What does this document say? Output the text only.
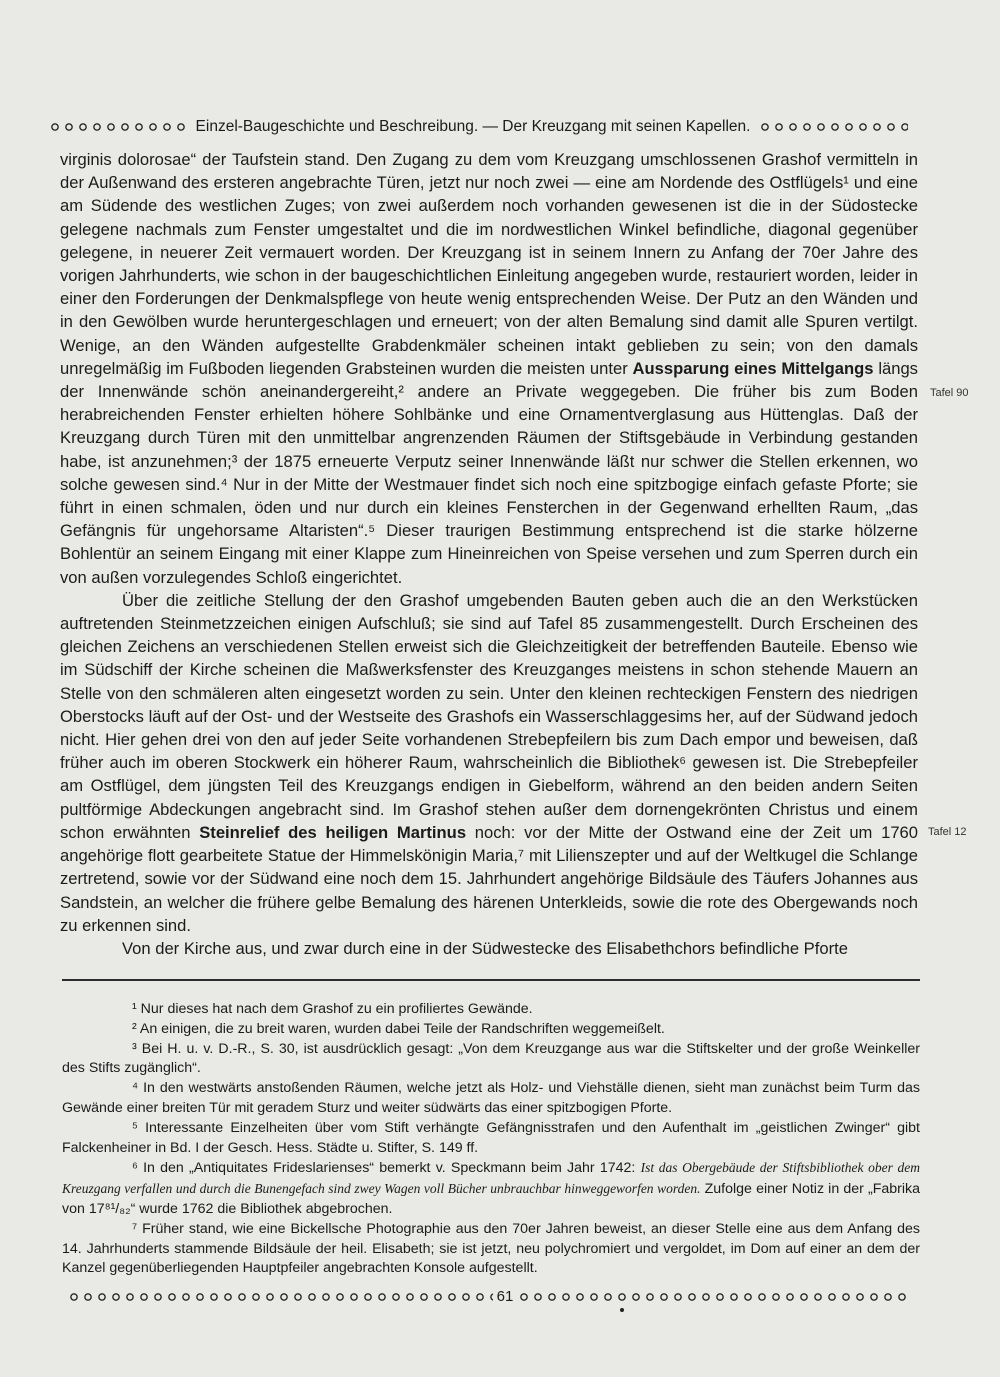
Einzel-Baugeschichte und Beschreibung. — Der Kreuzgang mit seinen Kapellen.

virginis dolorosae“ der Taufstein stand. Den Zugang zu dem vom Kreuzgang umschlossenen Grashof vermitteln in der Außenwand des ersteren angebrachte Türen, jetzt nur noch zwei — eine am Nordende des Ostflügels¹ und eine am Südende des westlichen Zuges; von zwei außerdem noch vorhanden gewesenen ist die in der Südostecke gelegene nachmals zum Fenster umgestaltet und die im nordwestlichen Winkel befindliche, diagonal gegenüber gelegene, in neuerer Zeit vermauert worden. Der Kreuzgang ist in seinem Innern zu Anfang der 70er Jahre des vorigen Jahrhunderts, wie schon in der baugeschichtlichen Einleitung angegeben wurde, restauriert worden, leider in einer den Forderungen der Denkmalspflege von heute wenig entsprechenden Weise. Der Putz an den Wänden und in den Gewölben wurde heruntergeschlagen und erneuert; von der alten Bemalung sind damit alle Spuren vertilgt. Wenige, an den Wänden aufgestellte Grabdenkmäler scheinen intakt geblieben zu sein; von den damals unregelmäßig im Fußboden liegenden Grabsteinen wurden die meisten unter Aussparung eines Mittelgangs längs der Innenwände schön aneinandergereiht,² andere an Private weggegeben. Die früher bis zum Boden herabreichenden Fenster erhielten höhere Sohlbänke und eine Ornamentverglasung aus Hüttenglas. Daß der Kreuzgang durch Türen mit den unmittelbar angrenzenden Räumen der Stiftsgebäude in Verbindung gestanden habe, ist anzunehmen;³ der 1875 erneuerte Verputz seiner Innenwände läßt nur schwer die Stellen erkennen, wo solche gewesen sind.⁴ Nur in der Mitte der Westmauer findet sich noch eine spitzbogige einfach gefaste Pforte; sie führt in einen schmalen, öden und nur durch ein kleines Fensterchen in der Gegenwand erhellten Raum, „das Gefängnis für ungehorsame Altaristen“.⁵ Dieser traurigen Bestimmung entsprechend ist die starke hölzerne Bohlentür an seinem Eingang mit einer Klappe zum Hineinreichen von Speise versehen und zum Sperren durch ein von außen vorzulegendes Schloß eingerichtet.

Über die zeitliche Stellung der den Grashof umgebenden Bauten geben auch die an den Werkstücken auftretenden Steinmetzzeichen einigen Aufschluß; sie sind auf Tafel 85 zusammengestellt. Durch Erscheinen des gleichen Zeichens an verschiedenen Stellen erweist sich die Gleichzeitigkeit der betreffenden Bauteile. Ebenso wie im Südschiff der Kirche scheinen die Maßwerksfenster des Kreuzganges meistens in schon stehende Mauern an Stelle von den schmäleren alten eingesetzt worden zu sein. Unter den kleinen rechteckigen Fenstern des niedrigen Oberstocks läuft auf der Ost- und der Westseite des Grashofs ein Wasserschlaggesims her, auf der Südwand jedoch nicht. Hier gehen drei von den auf jeder Seite vorhandenen Strebepfeilern bis zum Dach empor und beweisen, daß früher auch im oberen Stockwerk ein höherer Raum, wahrscheinlich die Bibliothek⁶ gewesen ist. Die Strebepfeiler am Ostflügel, dem jüngsten Teil des Kreuzgangs endigen in Giebelform, während an den beiden andern Seiten pultförmige Abdeckungen angebracht sind. Im Grashof stehen außer dem dornengekrönten Christus und einem schon erwähnten Steinrelief des heiligen Martinus noch: vor der Mitte der Ostwand eine der Zeit um 1760 angehörige flott gearbeitete Statue der Himmelskönigin Maria,⁷ mit Lilienszepter und auf der Weltkugel die Schlange zertretend, sowie vor der Südwand eine noch dem 15. Jahrhundert angehörige Bildsäule des Täufers Johannes aus Sandstein, an welcher die frühere gelbe Bemalung des härenen Unterkleids, sowie die rote des Obergewands noch zu erkennen sind.

Von der Kirche aus, und zwar durch eine in der Südwestecke des Elisabethchors befindliche Pforte

Tafel 90
Tafel 12

¹ Nur dieses hat nach dem Grashof zu ein profiliertes Gewände.

² An einigen, die zu breit waren, wurden dabei Teile der Randschriften weggemeißelt.

³ Bei H. u. v. D.-R., S. 30, ist ausdrücklich gesagt: „Von dem Kreuzgange aus war die Stiftskelter und der große Weinkeller des Stifts zugänglich“.

⁴ In den westwärts anstoßenden Räumen, welche jetzt als Holz- und Viehställe dienen, sieht man zunächst beim Turm das Gewände einer breiten Tür mit geradem Sturz und weiter südwärts das einer spitzbogigen Pforte.

⁵ Interessante Einzelheiten über vom Stift verhängte Gefängnisstrafen und den Aufenthalt im „geistlichen Zwinger“ gibt Falckenheiner in Bd. I der Gesch. Hess. Städte u. Stifter, S. 149 ff.

⁶ In den „Antiquitates Frideslarienses“ bemerkt v. Speckmann beim Jahr 1742: Ist das Obergebäude der Stiftsbibliothek ober dem Kreuzgang verfallen und durch die Bunengefach sind zwey Wagen voll Bücher unbrauchbar hinweggeworfen worden. Zufolge einer Notiz in der „Fabrika von 17⁸¹/₈₂“ wurde 1762 die Bibliothek abgebrochen.

⁷ Früher stand, wie eine Bickellsche Photographie aus den 70er Jahren beweist, an dieser Stelle eine aus dem Anfang des 14. Jahrhunderts stammende Bildsäule der heil. Elisabeth; sie ist jetzt, neu polychromiert und vergoldet, im Dom auf einer an dem der Kanzel gegenüberliegenden Hauptpfeiler angebrachten Konsole aufgestellt.

61
